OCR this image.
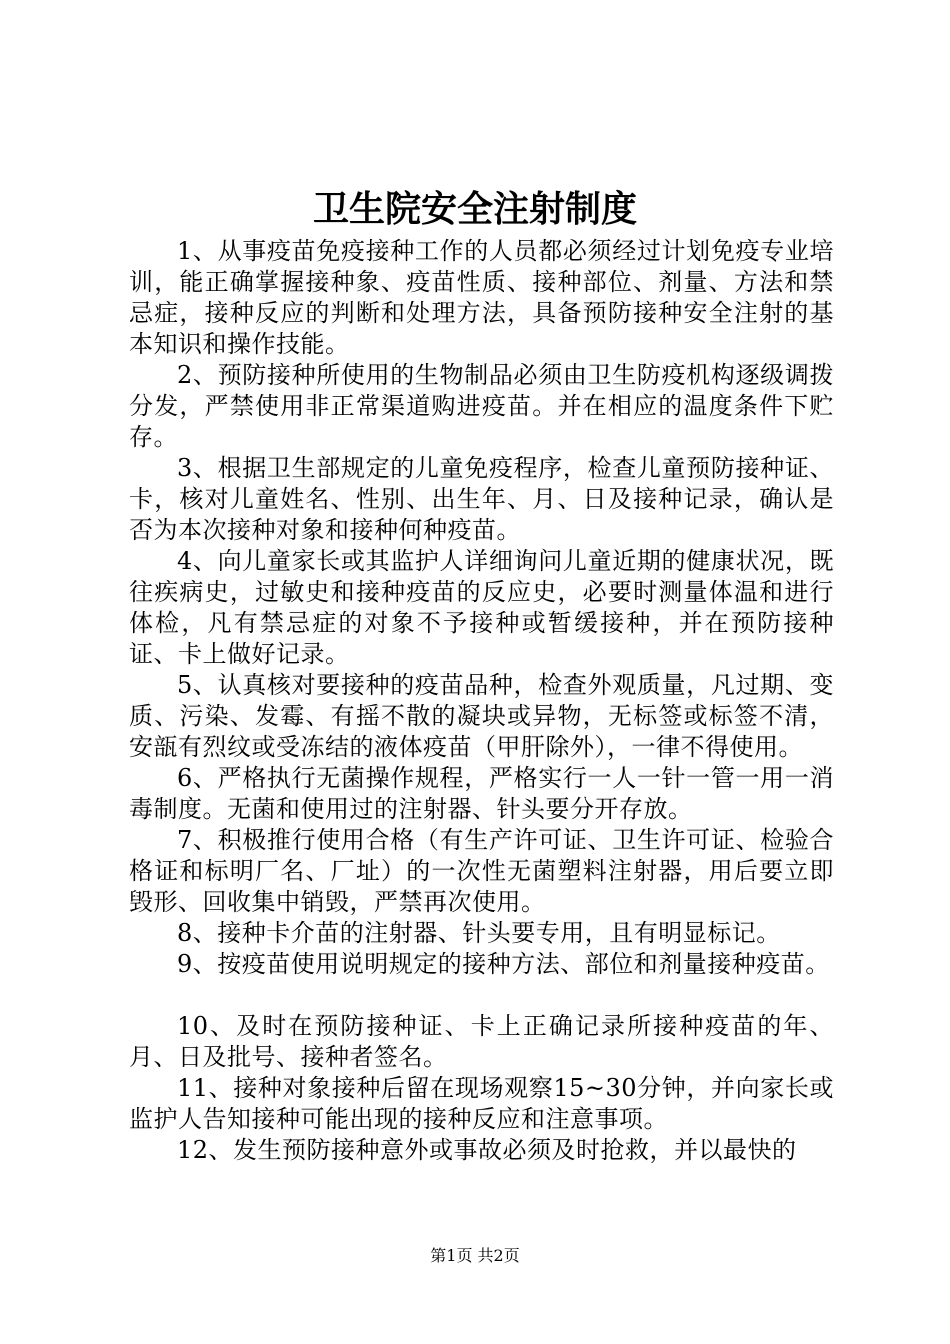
卫生院安全注射制度

1、从事疫苗免疫接种工作的人员都必须经过计划免疫专业培训，能正确掌握接种象、疫苗性质、接种部位、剂量、方法和禁忌症，接种反应的判断和处理方法，具备预防接种安全注射的基本知识和操作技能。

2、预防接种所使用的生物制品必须由卫生防疫机构逐级调拨分发，严禁使用非正常渠道购进疫苗。并在相应的温度条件下贮存。

3、根据卫生部规定的儿童免疫程序，检查儿童预防接种证、卡，核对儿童姓名、性别、出生年、月、日及接种记录，确认是否为本次接种对象和接种何种疫苗。

4、向儿童家长或其监护人详细询问儿童近期的健康状况，既往疾病史，过敏史和接种疫苗的反应史，必要时测量体温和进行体检，凡有禁忌症的对象不予接种或暂缓接种，并在预防接种证、卡上做好记录。

5、认真核对要接种的疫苗品种，检查外观质量，凡过期、变质、污染、发霉、有摇不散的凝块或异物，无标签或标签不清，安瓿有烈纹或受冻结的液体疫苗（甲肝除外），一律不得使用。

6、严格执行无菌操作规程，严格实行一人一针一管一用一消毒制度。无菌和使用过的注射器、针头要分开存放。

7、积极推行使用合格（有生产许可证、卫生许可证、检验合格证和标明厂名、厂址）的一次性无菌塑料注射器，用后要立即毁形、回收集中销毁，严禁再次使用。

8、接种卡介苗的注射器、针头要专用，且有明显标记。

9、按疫苗使用说明规定的接种方法、部位和剂量接种疫苗。

10、及时在预防接种证、卡上正确记录所接种疫苗的年、月、日及批号、接种者签名。

11、接种对象接种后留在现场观察15~30分钟，并向家长或监护人告知接种可能出现的接种反应和注意事项。

12、发生预防接种意外或事故必须及时抢救，并以最快的

第1页 共2页
